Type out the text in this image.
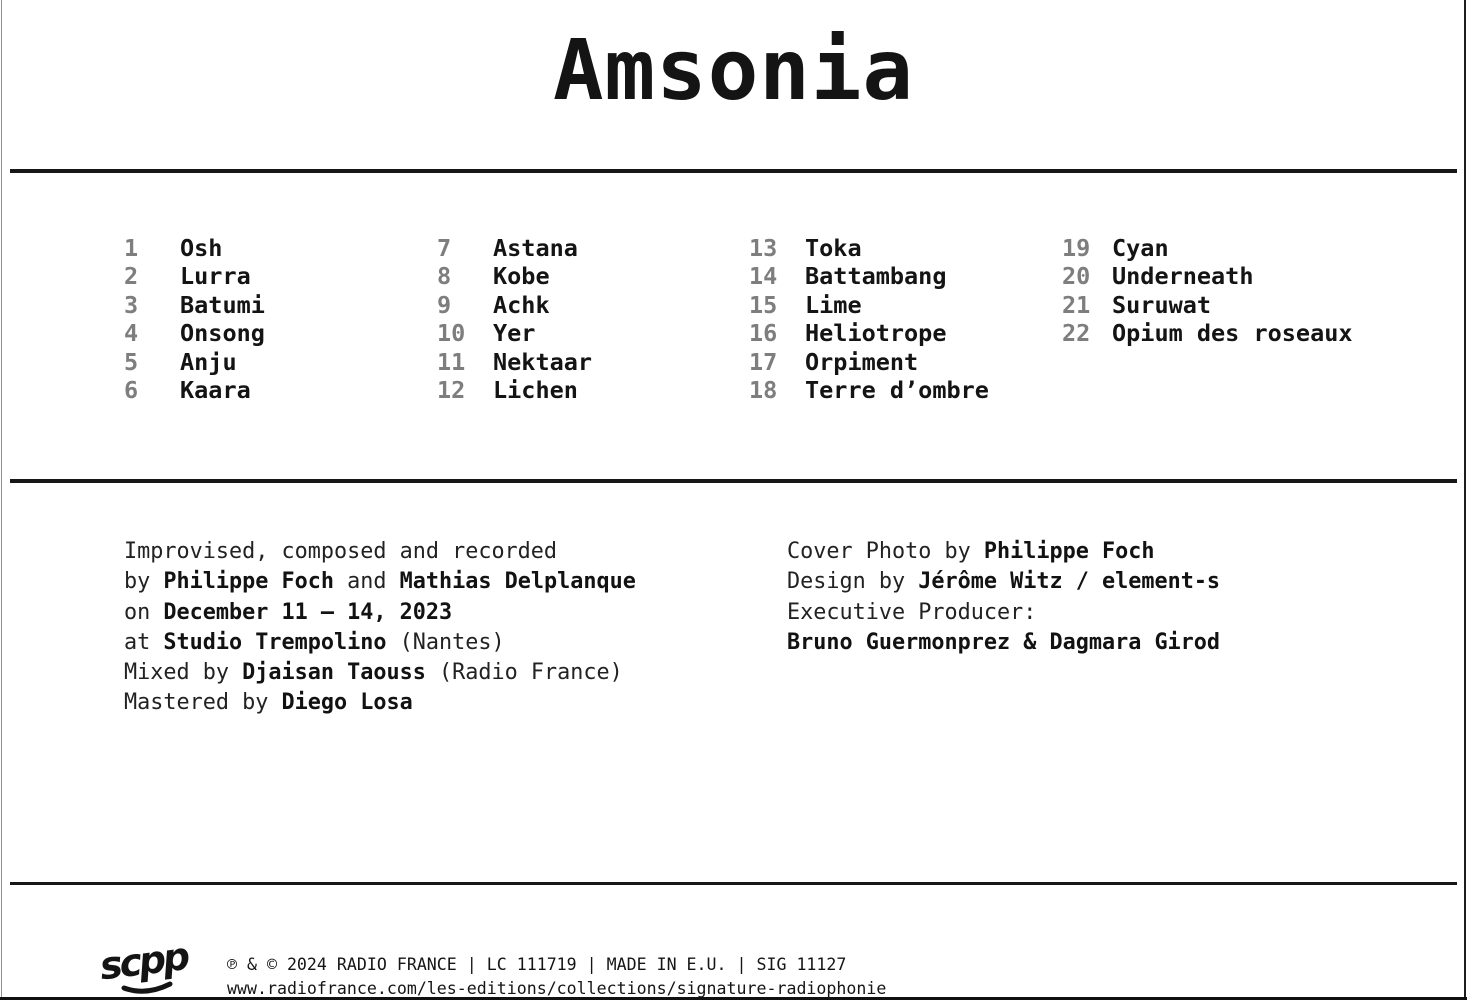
Amsonia
1 Osh
2 Lurra
3 Batumi
4 Onsong
5 Anju
6 Kaara
7 Astana
8 Kobe
9 Achk
10 Yer
11 Nektaar
12 Lichen
13 Toka
14 Battambang
15 Lime
16 Heliotrope
17 Orpiment
18 Terre d’ombre
19 Cyan
20 Underneath
21 Suruwat
22 Opium des roseaux
Improvised, composed and recorded
by Philippe Foch and Mathias Delplanque
on December 11 – 14, 2023
at Studio Trempolino (Nantes)
Mixed by Djaisan Taouss (Radio France)
Mastered by Diego Losa
Cover Photo by Philippe Foch
Design by Jérôme Witz / element-s
Executive Producer:
Bruno Guermonprez & Dagmara Girod
scpp ℗ & © 2024 RADIO FRANCE | LC 111719 | MADE IN E.U. | SIG 11127
www.radiofrance.com/les-editions/collections/signature-radiophonie
